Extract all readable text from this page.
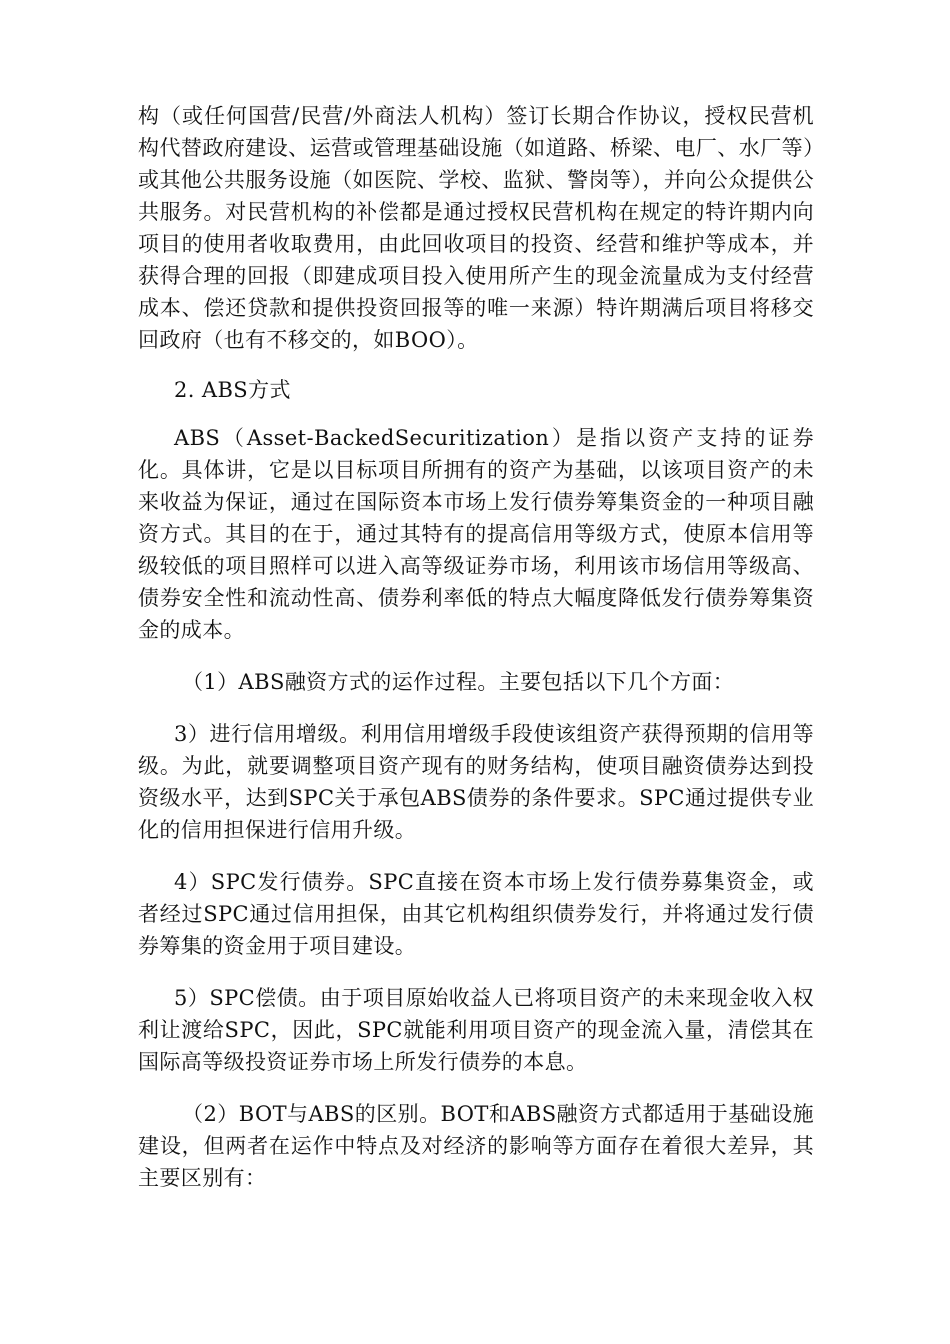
构（或任何国营/民营/外商法人机构）签订长期合作协议，授权民营机构代替政府建设、运营或管理基础设施（如道路、桥梁、电厂、水厂等）或其他公共服务设施（如医院、学校、监狱、警岗等），并向公众提供公共服务。对民营机构的补偿都是通过授权民营机构在规定的特许期内向项目的使用者收取费用，由此回收项目的投资、经营和维护等成本，并获得合理的回报（即建成项目投入使用所产生的现金流量成为支付经营成本、偿还贷款和提供投资回报等的唯一来源）特许期满后项目将移交回政府（也有不移交的，如BOO）。

2. ABS方式

ABS（Asset-BackedSecuritization）是指以资产支持的证券化。具体讲，它是以目标项目所拥有的资产为基础，以该项目资产的未来收益为保证，通过在国际资本市场上发行债券筹集资金的一种项目融资方式。其目的在于，通过其特有的提高信用等级方式，使原本信用等级较低的项目照样可以进入高等级证券市场，利用该市场信用等级高、债券安全性和流动性高、债券利率低的特点大幅度降低发行债券筹集资金的成本。

（1）ABS融资方式的运作过程。主要包括以下几个方面：

3）进行信用增级。利用信用增级手段使该组资产获得预期的信用等级。为此，就要调整项目资产现有的财务结构，使项目融资债券达到投资级水平，达到SPC关于承包ABS债券的条件要求。SPC通过提供专业化的信用担保进行信用升级。

4）SPC发行债券。SPC直接在资本市场上发行债券募集资金，或者经过SPC通过信用担保，由其它机构组织债券发行，并将通过发行债券筹集的资金用于项目建设。

5）SPC偿债。由于项目原始收益人已将项目资产的未来现金收入权利让渡给SPC，因此，SPC就能利用项目资产的现金流入量，清偿其在国际高等级投资证券市场上所发行债券的本息。

（2）BOT与ABS的区别。BOT和ABS融资方式都适用于基础设施建设，但两者在运作中特点及对经济的影响等方面存在着很大差异，其主要区别有：
